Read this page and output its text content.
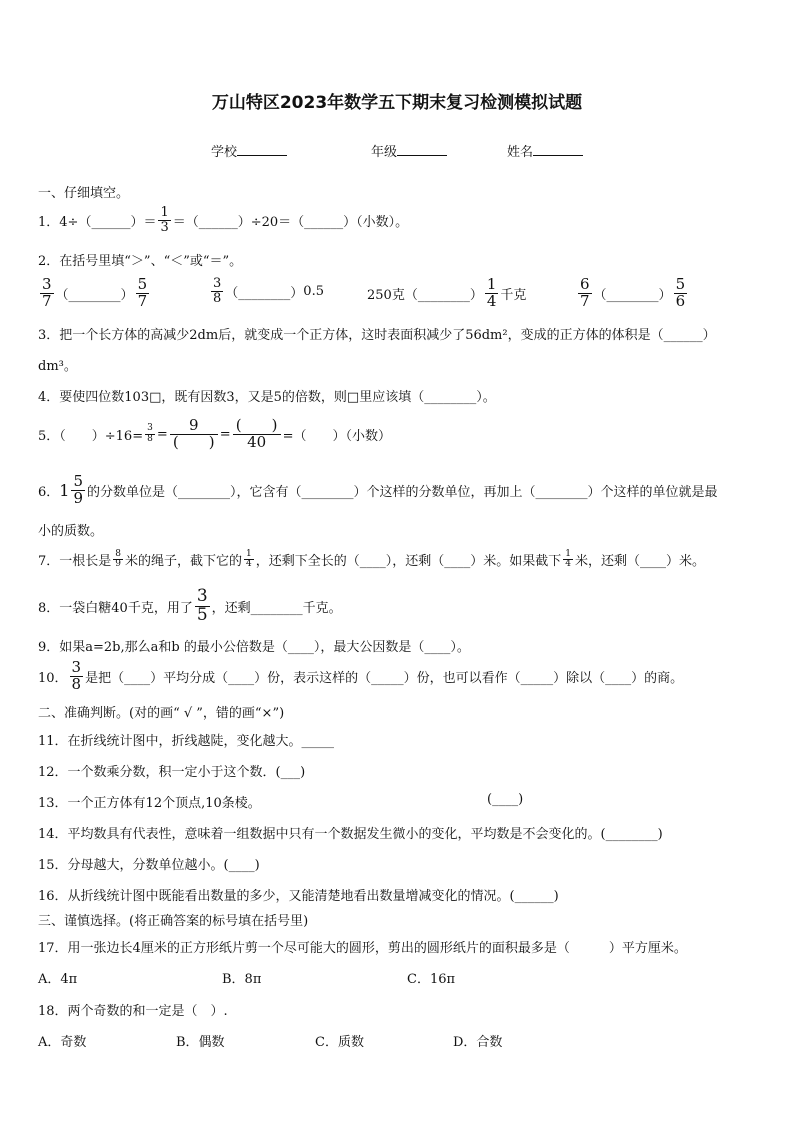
万山特区2023年数学五下期末复习检测模拟试题
学校	年级	姓名
一、仔细填空。
1． 4÷（______）＝ $\frac{1}{3}$ ＝（______）÷20＝（______）（小数）。
2．在括号里填“＞”、“＜”或“＝”。
$\frac{3}{7}$ （________） $\frac{5}{7}$	$\frac{3}{8}$ （________） 0.5	250克 （________） $\frac{1}{4}$ 千克	$\frac{6}{7}$ （________） $\frac{5}{6}$
3．把一个长方体的高减少2dm后，就变成一个正方体，这时表面积减少了56dm²，变成的正方体的体积是（______）
dm³。
4．要使四位数103□，既有因数3，又是5的倍数，则□里应该填（________）。
5．（　　）$\div 16= \frac{3}{8} = \frac{9}{( )} = \frac{( )}{40}$ =（　　）（小数）
6． $1 \frac{5}{9}$ 的分数单位是（________），它含有（________）个这样的分数单位，再加上（________）个这样的单位就是最
小的质数。
7．一根长是 $\frac{8}{9}$ 米的绳子，截下它的 $\frac{1}{4}$ ，还剩下全长的（____），还剩（____）米。如果截下 $\frac{1}{4}$ 米，还剩（____）米。
8．一袋白糖40千克，用了 $\frac{3}{5}$ ，还剩________千克。
9．如果a=2b,那么a和b 的最小公倍数是（____），最大公因数是（____）。
10． $\frac{3}{8}$ 是把（____）平均分成（____）份，表示这样的（_____）份，也可以看作（_____）除以（____）的商。
二、准确判断。(对的画“ √ ”，错的画“×”)
11．在折线统计图中，折线越陡，变化越大。_____
12．一个数乘分数，积一定小于这个数．(___)
13．一个正方体有12个顶点,10条棱。	(____)
14．平均数具有代表性，意味着一组数据中只有一个数据发生微小的变化，平均数是不会变化的。(________)
15．分母越大，分数单位越小。(____)
16．从折线统计图中既能看出数量的多少，又能清楚地看出数量增减变化的情况。(______)
三、谨慎选择。(将正确答案的标号填在括号里)
17．用一张边长4厘米的正方形纸片剪一个尽可能大的圆形，剪出的圆形纸片的面积最多是（　　　）平方厘米。
A．4π	B．8π	C．16π
18．两个奇数的和一定是（　）.
A．奇数	B．偶数	C．质数	D．合数
